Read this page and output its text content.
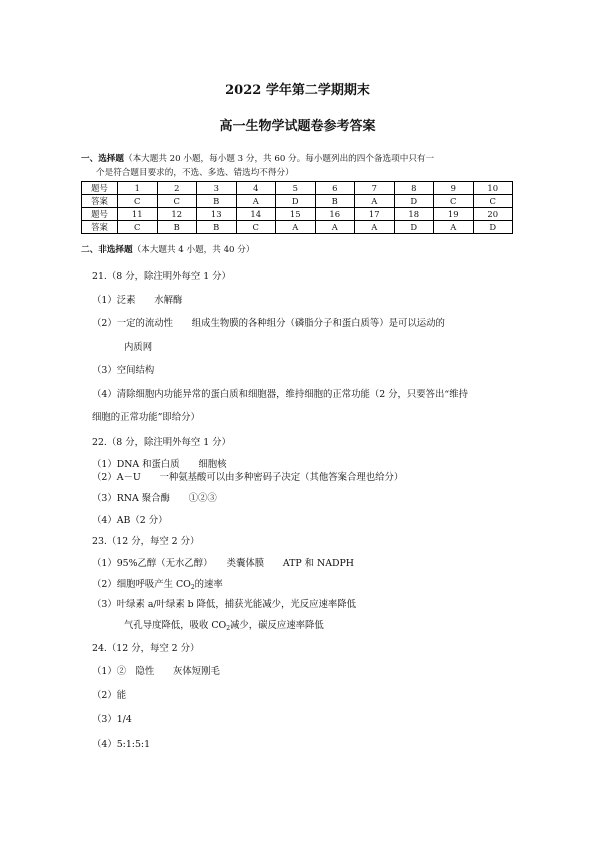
2022 学年第二学期期末
高一生物学试题卷参考答案
一、选择题（本大题共 20 小题，每小题 3 分，共 60 分。每小题列出的四个备选项中只有一
个是符合题目要求的，不选、多选、错选均不得分）
题号	1	2	3	4	5	6	7	8	9	10
答案	C	C	B	A	D	B	A	D	C	C
题号	11	12	13	14	15	16	17	18	19	20
答案	C	B	B	C	A	A	A	D	A	D
二、非选择题（本大题共 4 小题，共 40 分）
21.（8 分，除注明外每空 1 分）
（1）泛素　　水解酶
（2）一定的流动性　　组成生物膜的各种组分（磷脂分子和蛋白质等）是可以运动的
内质网
（3）空间结构
（4）清除细胞内功能异常的蛋白质和细胞器，维持细胞的正常功能（2 分，只要答出“维持
细胞的正常功能”即给分）
22.（8 分，除注明外每空 1 分）
（1）DNA 和蛋白质　　细胞核
（2）A－U　　一种氨基酸可以由多种密码子决定（其他答案合理也给分）
（3）RNA 聚合酶　　①②③
（4）AB（2 分）
23.（12 分，每空 2 分）
（1）95%乙醇（无水乙醇）　　类囊体膜　　ATP 和 NADPH
（2）细胞呼吸产生 $CO_2$的速率
（3）叶绿素 a/叶绿素 b 降低，捕获光能减少，光反应速率降低
气孔导度降低，吸收 $CO_2$减少，碳反应速率降低
24.（12 分，每空 2 分）
（1）②　隐性　　灰体短刚毛
（2）能
（3）1/4
（4）5:1:5:1
